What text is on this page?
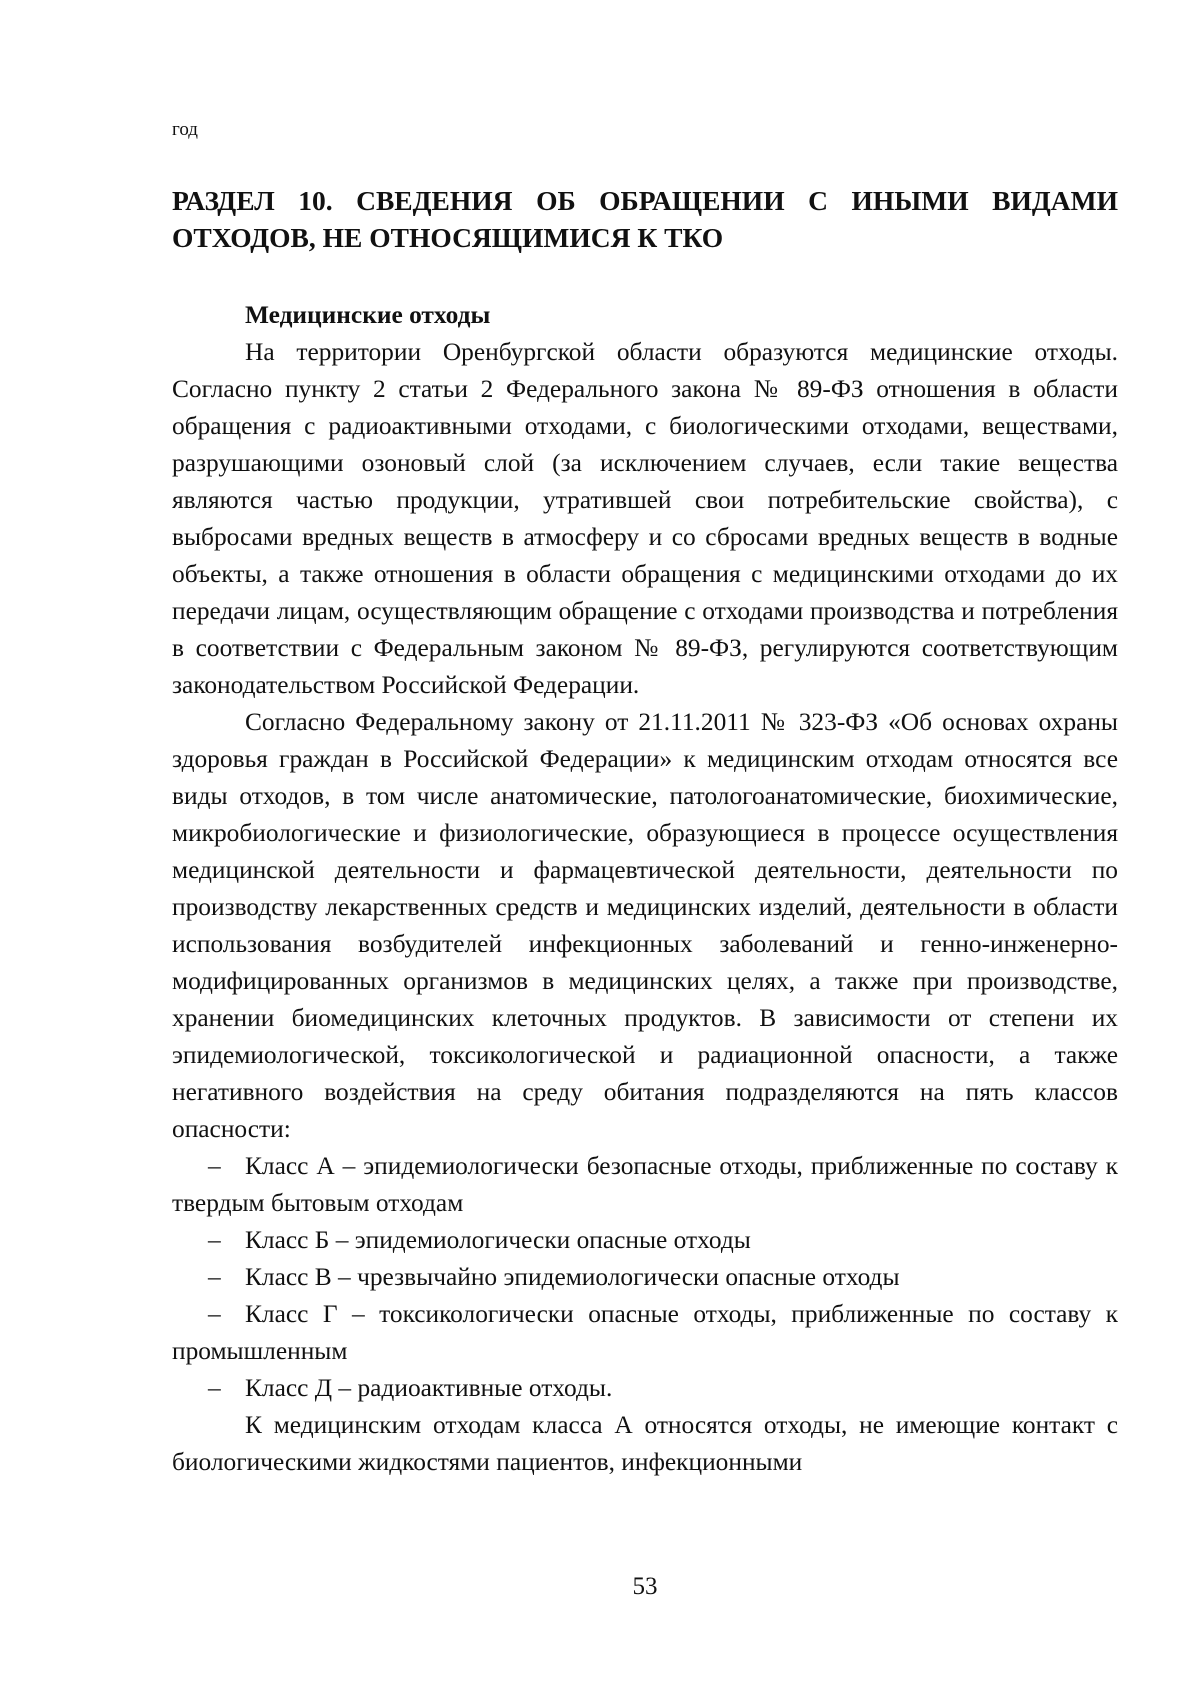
год
РАЗДЕЛ 10. СВЕДЕНИЯ ОБ ОБРАЩЕНИИ С ИНЫМИ ВИДАМИ ОТХОДОВ, НЕ ОТНОСЯЩИМИСЯ К ТКО

Медицинские отходы

На территории Оренбургской области образуются медицинские отходы. Согласно пункту 2 статьи 2 Федерального закона № 89-ФЗ отношения в области обращения с радиоактивными отходами, с биологическими отходами, веществами, разрушающими озоновый слой (за исключением случаев, если такие вещества являются частью продукции, утратившей свои потребительские свойства), с выбросами вредных веществ в атмосферу и со сбросами вредных веществ в водные объекты, а также отношения в области обращения с медицинскими отходами до их передачи лицам, осуществляющим обращение с отходами производства и потребления в соответствии с Федеральным законом № 89-ФЗ, регулируются соответствующим законодательством Российской Федерации.

Согласно Федеральному закону от 21.11.2011 № 323-ФЗ «Об основах охраны здоровья граждан в Российской Федерации» к медицинским отходам относятся все виды отходов, в том числе анатомические, патологоанатомические, биохимические, микробиологические и физиологические, образующиеся в процессе осуществления медицинской деятельности и фармацевтической деятельности, деятельности по производству лекарственных средств и медицинских изделий, деятельности в области использования возбудителей инфекционных заболеваний и генно-инженерно-модифицированных организмов в медицинских целях, а также при производстве, хранении биомедицинских клеточных продуктов. В зависимости от степени их эпидемиологической, токсикологической и радиационной опасности, а также негативного воздействия на среду обитания подразделяются на пять классов опасности:

– Класс А – эпидемиологически безопасные отходы, приближенные по составу к твердым бытовым отходам
– Класс Б – эпидемиологически опасные отходы
– Класс В – чрезвычайно эпидемиологически опасные отходы
– Класс Г – токсикологически опасные отходы, приближенные по составу к промышленным
– Класс Д – радиоактивные отходы.

К медицинским отходам класса А относятся отходы, не имеющие контакт с биологическими жидкостями пациентов, инфекционными

53
